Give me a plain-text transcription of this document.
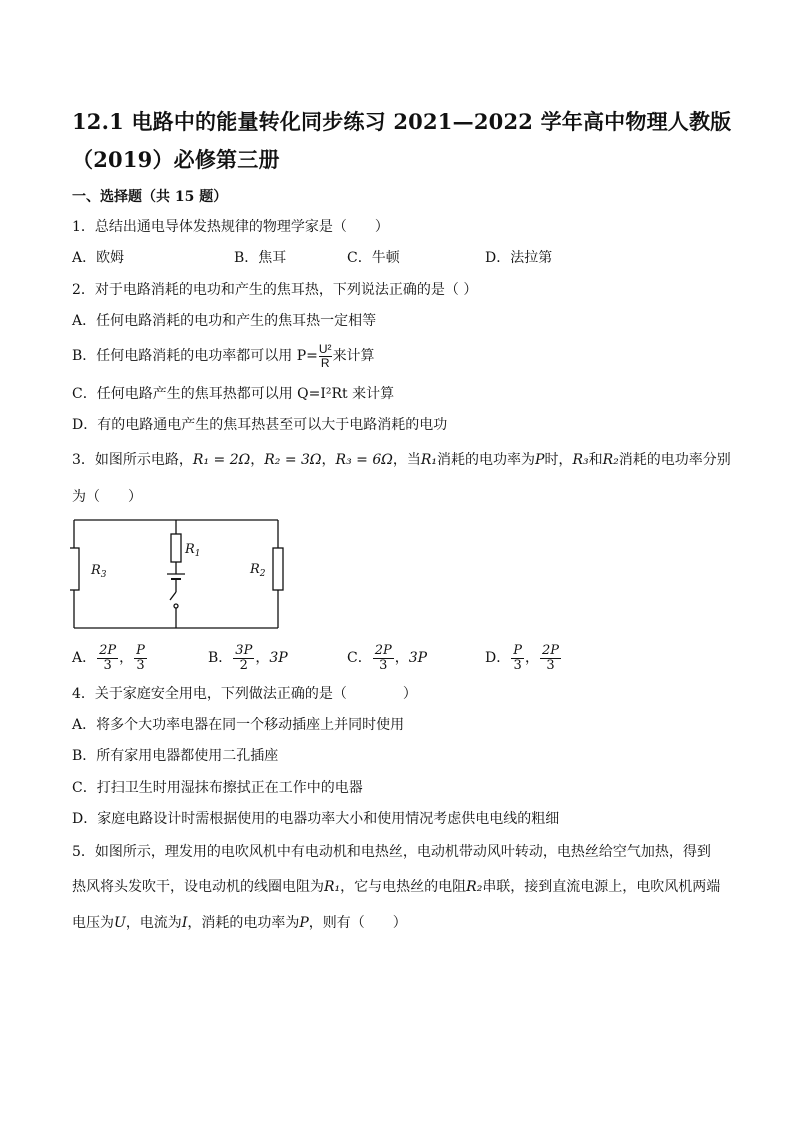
12.1 电路中的能量转化同步练习 2021—2022 学年高中物理人教版
（2019）必修第三册
一、选择题（共 15 题）
1．总结出通电导体发热规律的物理学家是（　　）
A．欧姆	B．焦耳	C．牛顿	D．法拉第
2．对于电路消耗的电功和产生的焦耳热，下列说法正确的是（ ）
A．任何电路消耗的电功和产生的焦耳热一定相等
B．任何电路消耗的电功率都可以用 $P= \frac{\text{U²}}{R}$ 来计算
C．任何电路产生的焦耳热都可以用 Q=I²Rt 来计算
D．有的电路通电产生的焦耳热甚至可以大于电路消耗的电功
3．如图所示电路，R₁ = 2Ω，R₂ = 3Ω，R₃ = 6Ω，当R₁消耗的电功率为P时，R₃和R₂消耗的电功率分别
为（　　）
$R_3$
$R_1$
$R_2$
A． $\frac{2P}{3}$ ， $\frac{P}{3}$	B． $\frac{3P}{2}$ ，3P	C． $\frac{2P}{3}$ ，3P	D． $\frac{P}{3}$ ， $\frac{2P}{3}$
4．关于家庭安全用电，下列做法正确的是（　　　　）
A．将多个大功率电器在同一个移动插座上并同时使用
B．所有家用电器都使用二孔插座
C．打扫卫生时用湿抹布擦拭正在工作中的电器
D．家庭电路设计时需根据使用的电器功率大小和使用情况考虑供电电线的粗细
5．如图所示，理发用的电吹风机中有电动机和电热丝，电动机带动风叶转动，电热丝给空气加热，得到
热风将头发吹干，设电动机的线圈电阻为R₁，它与电热丝的电阻R₂串联，接到直流电源上，电吹风机两端
电压为U，电流为I，消耗的电功率为P，则有（　　）
